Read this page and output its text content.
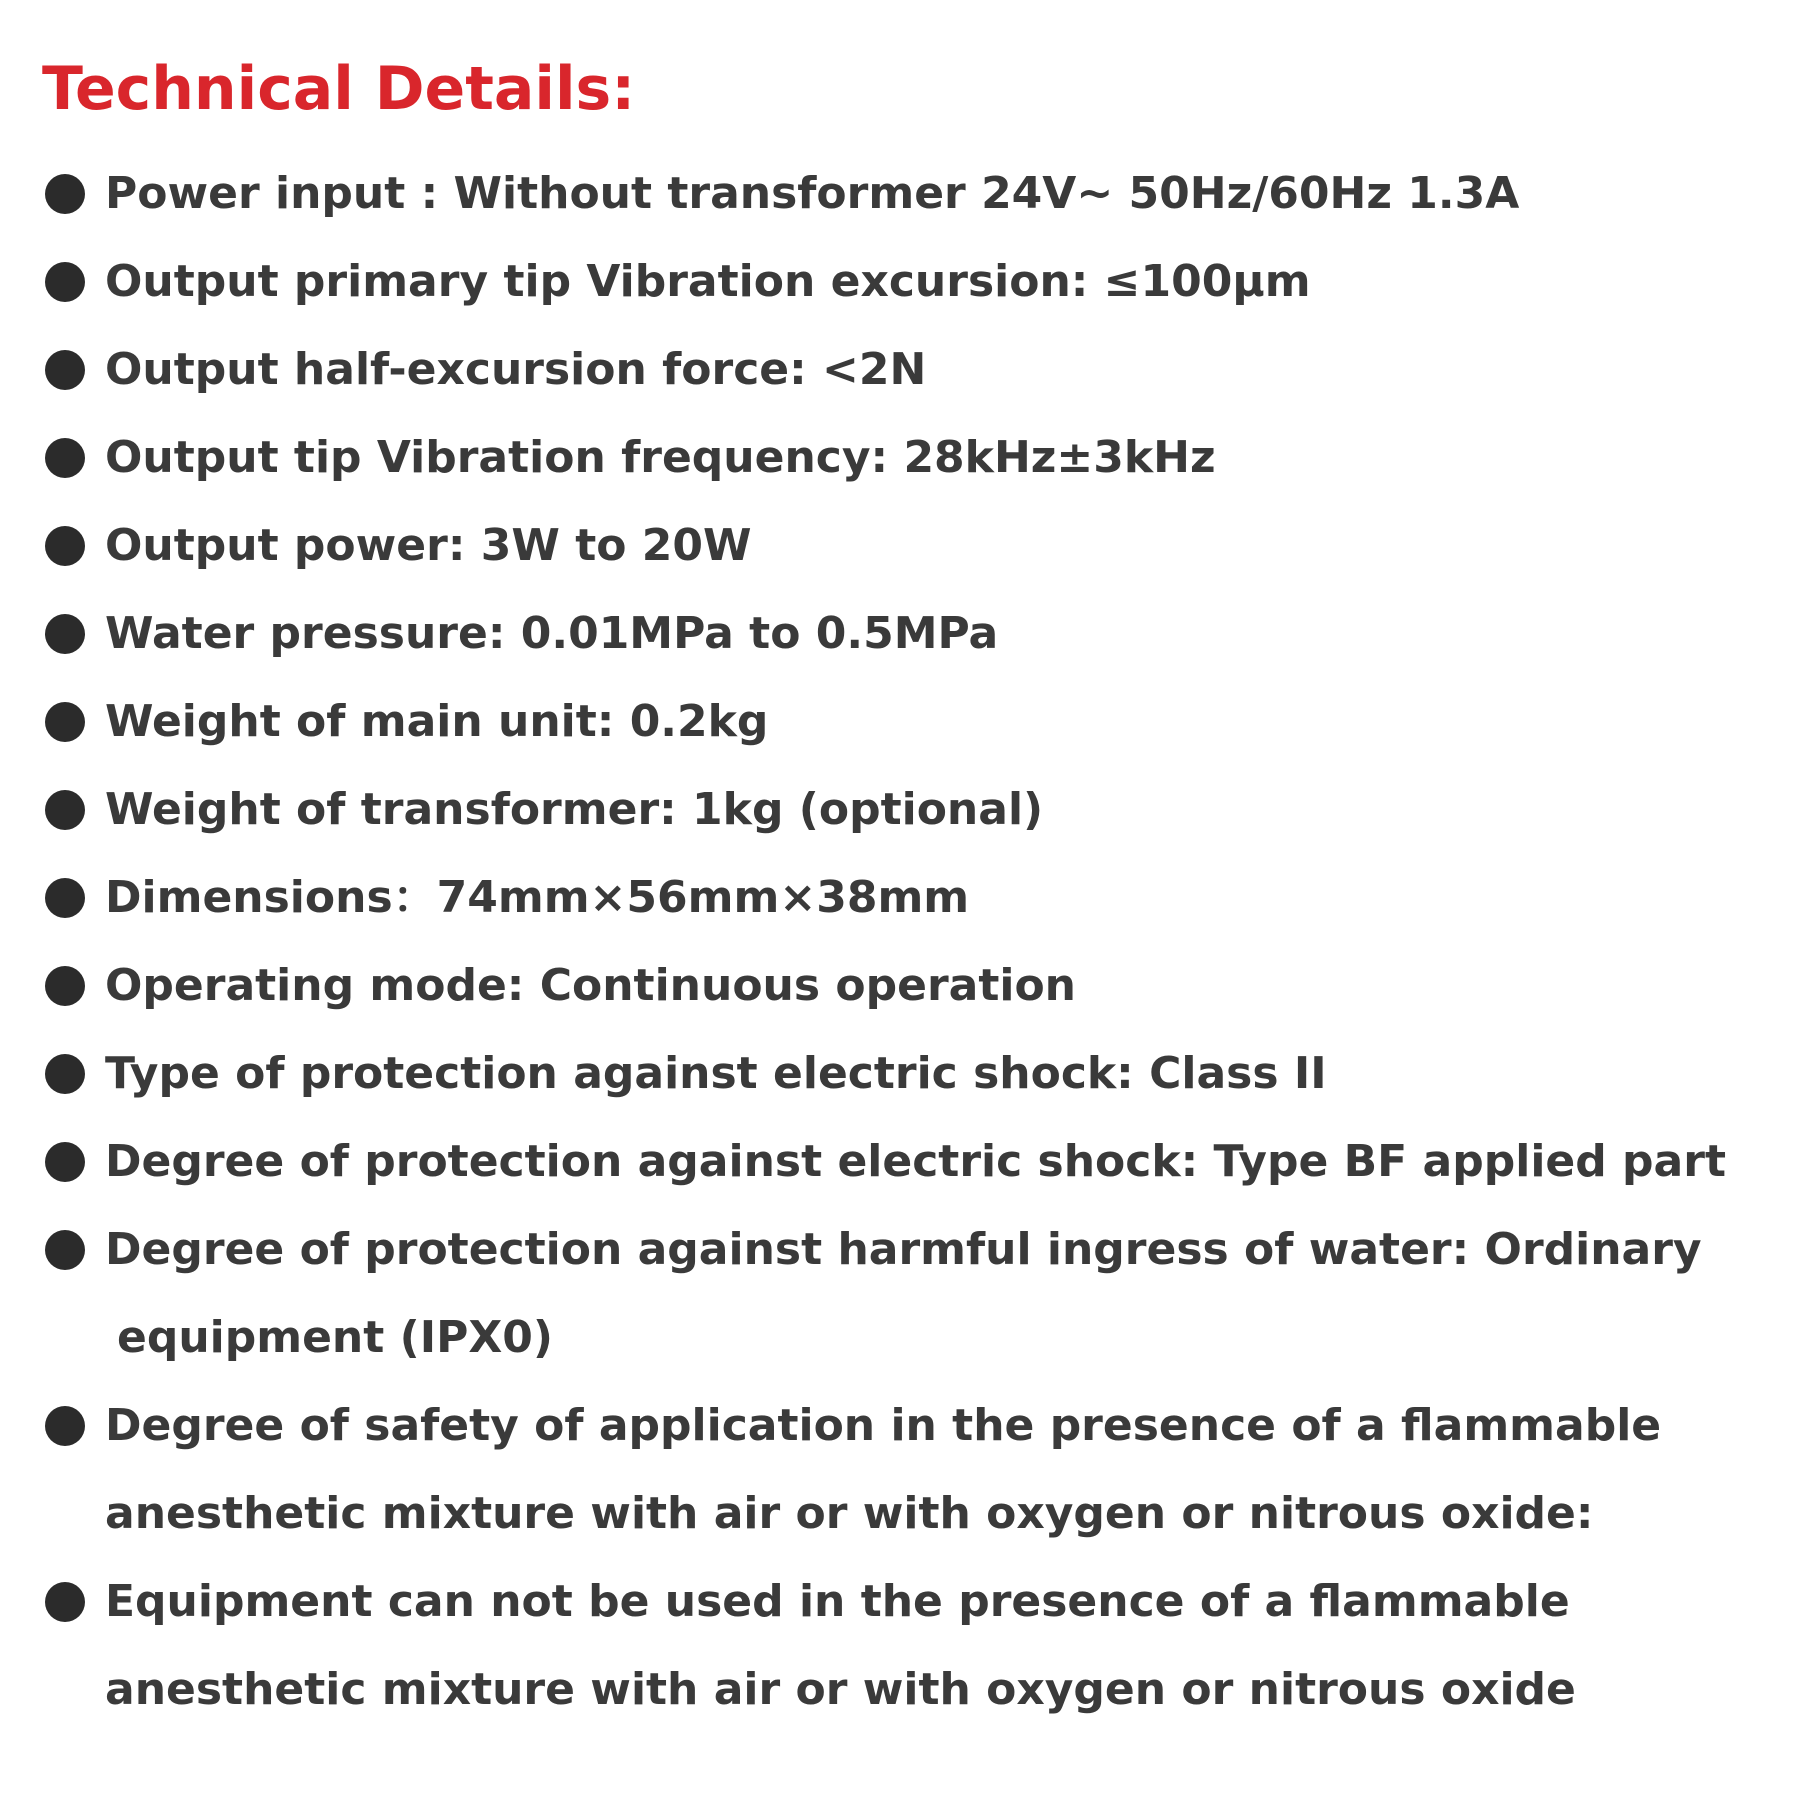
Technical Details:
Power input : Without transformer 24V~ 50Hz/60Hz 1.3A
Output primary tip Vibration excursion: ≤100μm
Output half-excursion force: <2N
Output tip Vibration frequency: 28kHz±3kHz
Output power: 3W to 20W
Water pressure: 0.01MPa to 0.5MPa
Weight of main unit: 0.2kg
Weight of transformer: 1kg (optional)
Dimensions：74mm×56mm×38mm
Operating mode: Continuous operation
Type of protection against electric shock: Class II
Degree of protection against electric shock: Type BF applied part
Degree of protection against harmful ingress of water: Ordinary
equipment (IPX0)
Degree of safety of application in the presence of a flammable
anesthetic mixture with air or with oxygen or nitrous oxide:
Equipment can not be used in the presence of a flammable
anesthetic mixture with air or with oxygen or nitrous oxide
